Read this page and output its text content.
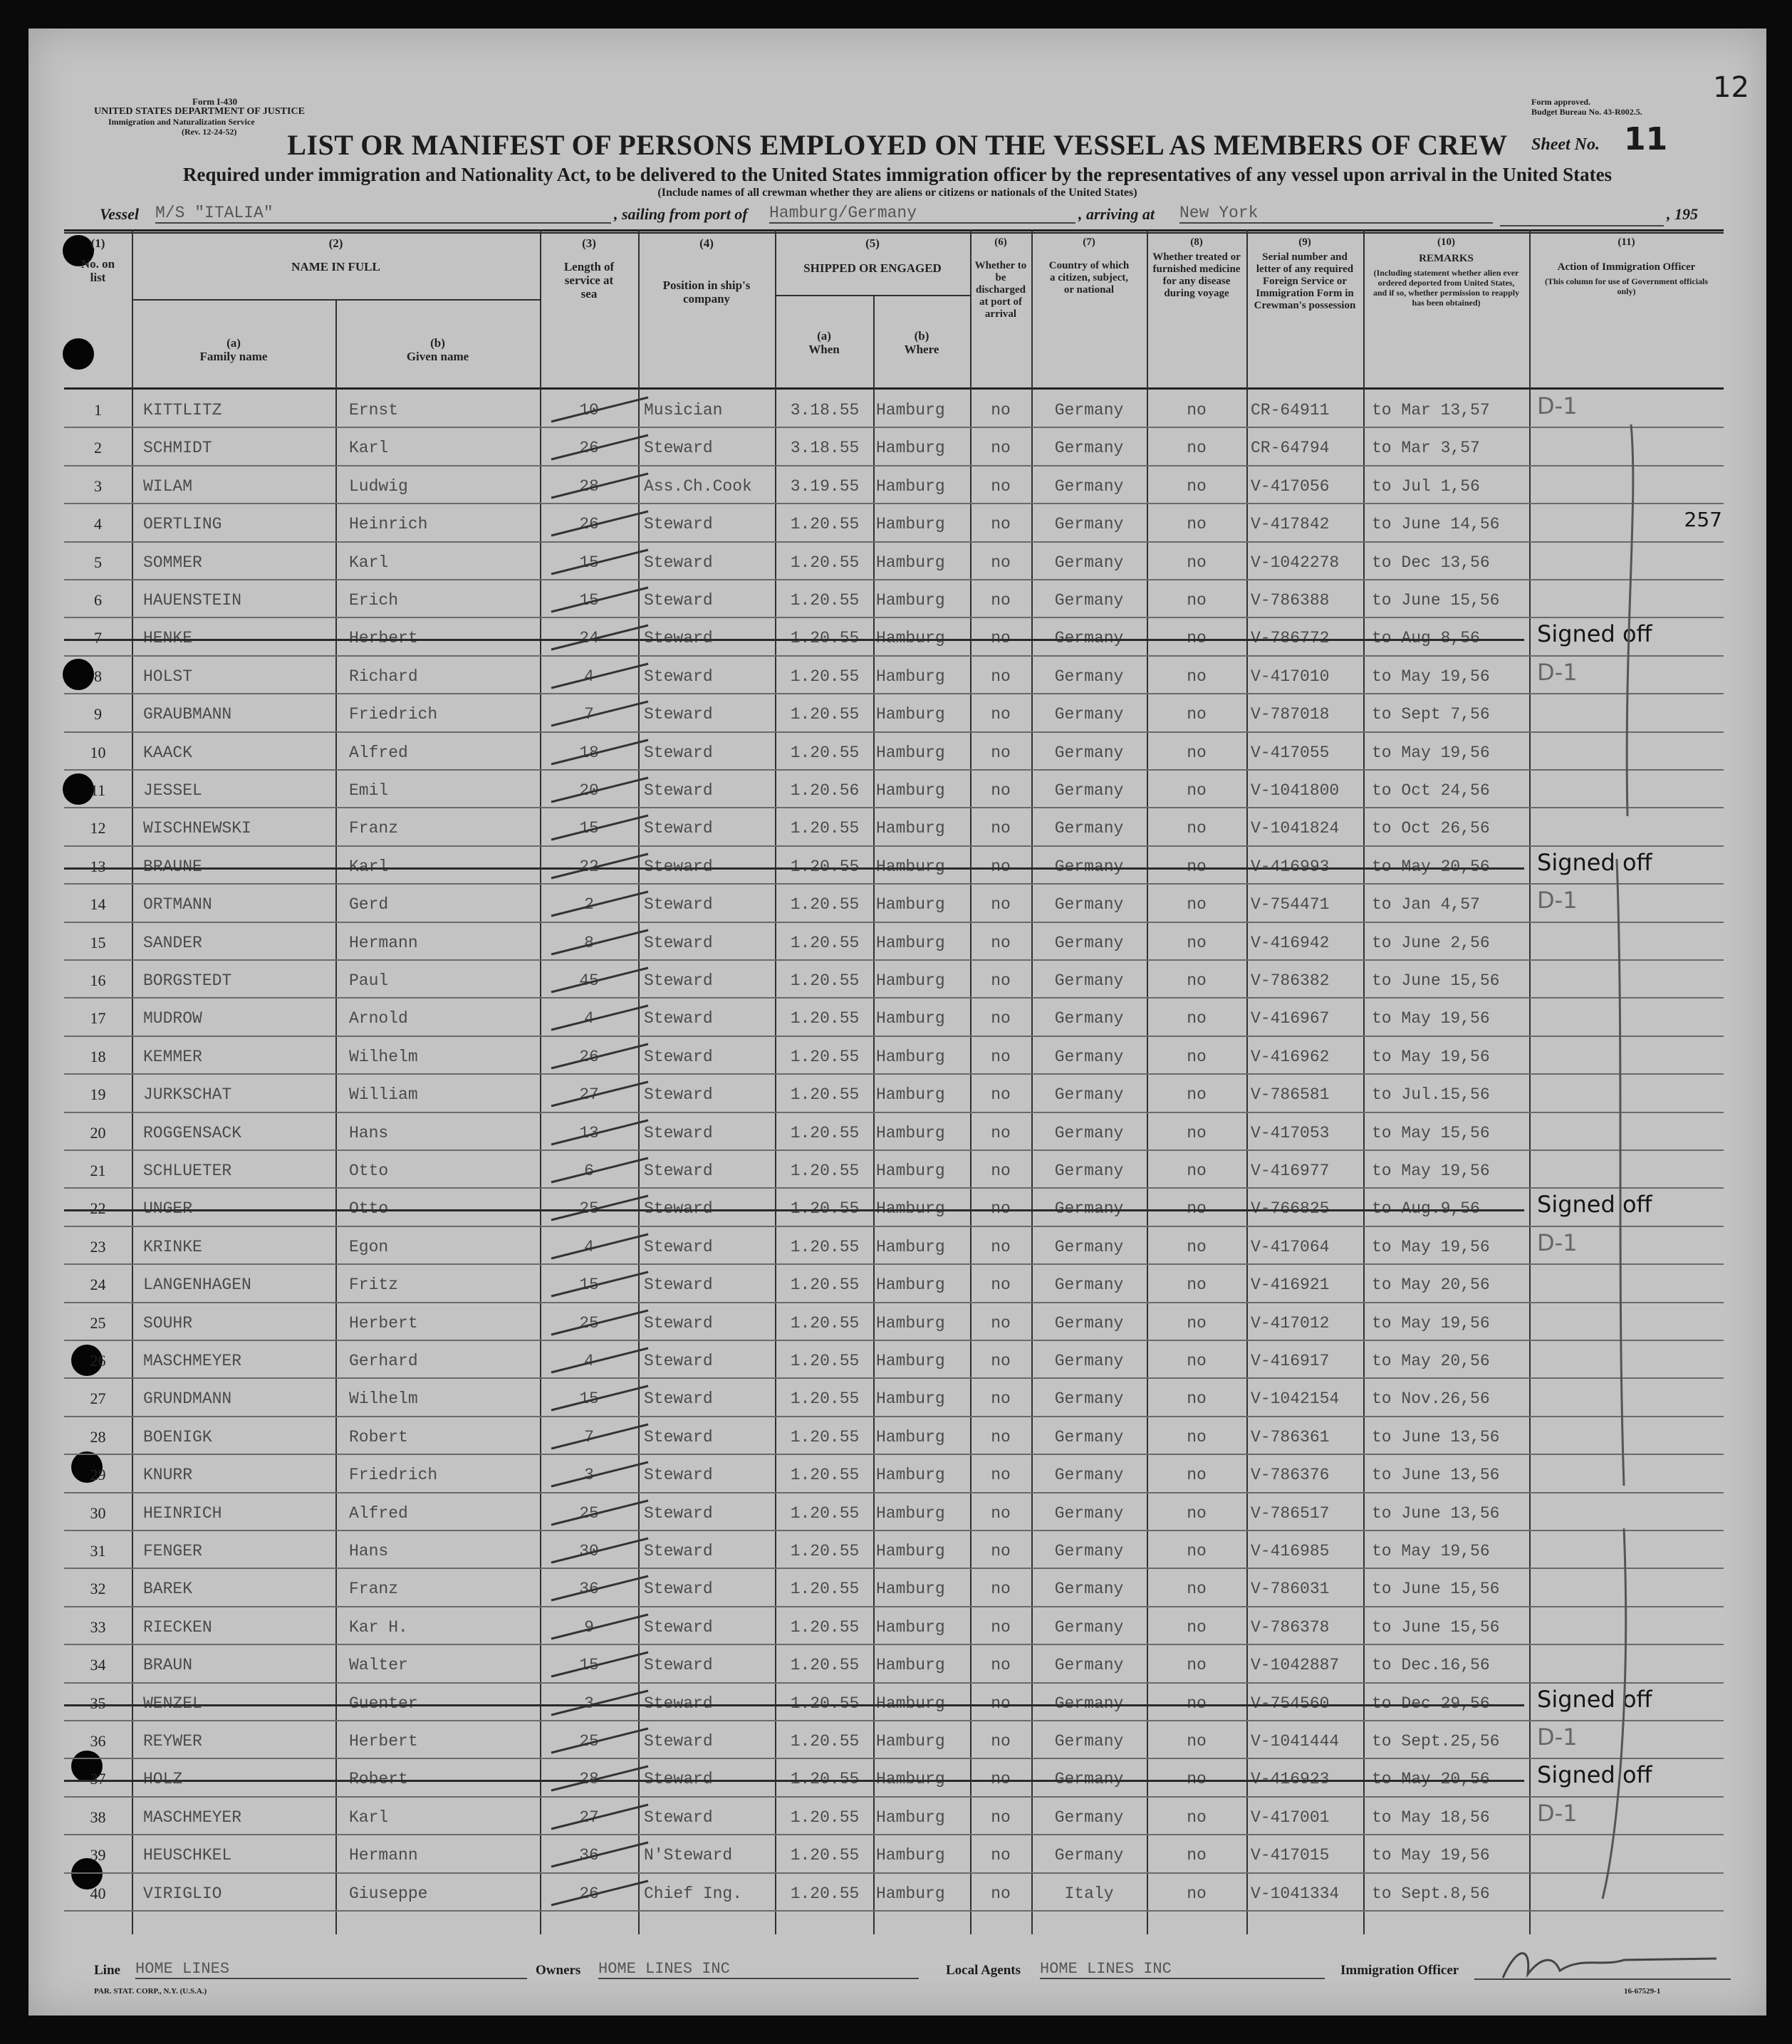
Form I-430
UNITED STATES DEPARTMENT OF JUSTICE
Immigration and Naturalization Service
(Rev. 12-24-52)
Form approved.
Budget Bureau No. 43-R002.5.
Sheet No. 11
12
LIST OR MANIFEST OF PERSONS EMPLOYED ON THE VESSEL AS MEMBERS OF CREW
Required under immigration and Nationality Act, to be delivered to the United States immigration officer by the representatives of any vessel upon arrival in the United States
(Include names of all crewman whether they are aliens or citizens or nationals of the United States)
Vessel M/S "ITALIA"	, sailing from port of Hamburg/Germany	, arriving at New York	, 195
(1)
No. on list
(2)
NAME IN FULL
(a)
Family name
(b)
Given name
(3)
Length of service at sea
(4)
Position in ship's company
(5)
SHIPPED OR ENGAGED
(a)
When
(b)
Where
(6)
Whether to be discharged at port of arrival
(7)
Country of which a citizen, subject, or national
(8)
Whether treated or furnished medicine for any disease during voyage
(9)
Serial number and letter of any required Foreign Service or Immigration Form in Crewman's possession
(10)
REMARKS
(Including statement whether alien ever ordered deported from United States, and if so, whether permission to reapply has been obtained)
(11)
Action of Immigration Officer
(This column for use of Government officials only)
1	KITTLITZ	Ernst	10	Musician	3.18.55	Hamburg	no	Germany	no	CR-64911	to Mar 13,57	D-1
2	SCHMIDT	Karl	26	Steward	3.18.55	Hamburg	no	Germany	no	CR-64794	to Mar 3,57
3	WILAM	Ludwig	28	Ass.Ch.Cook	3.19.55	Hamburg	no	Germany	no	V-417056	to Jul 1,56
4	OERTLING	Heinrich	26	Steward	1.20.55	Hamburg	no	Germany	no	V-417842	to June 14,56	257
5	SOMMER	Karl	15	Steward	1.20.55	Hamburg	no	Germany	no	V-1042278	to Dec 13,56
6	HAUENSTEIN	Erich	15	Steward	1.20.55	Hamburg	no	Germany	no	V-786388	to June 15,56
7	HENKE	Herbert	24	Steward	1.20.55	Hamburg	no	Germany	no	V-786772	to Aug 8,56	Signed off
8	HOLST	Richard	4	Steward	1.20.55	Hamburg	no	Germany	no	V-417010	to May 19,56	D-1
9	GRAUBMANN	Friedrich	7	Steward	1.20.55	Hamburg	no	Germany	no	V-787018	to Sept 7,56
10	KAACK	Alfred	18	Steward	1.20.55	Hamburg	no	Germany	no	V-417055	to May 19,56
11	JESSEL	Emil	20	Steward	1.20.56	Hamburg	no	Germany	no	V-1041800	to Oct 24,56
12	WISCHNEWSKI	Franz	15	Steward	1.20.55	Hamburg	no	Germany	no	V-1041824	to Oct 26,56
13	BRAUNE	Karl	22	Steward	1.20.55	Hamburg	no	Germany	no	V-416993	to May 20,56	Signed off
14	ORTMANN	Gerd	2	Steward	1.20.55	Hamburg	no	Germany	no	V-754471	to Jan 4,57	D-1
15	SANDER	Hermann	8	Steward	1.20.55	Hamburg	no	Germany	no	V-416942	to June 2,56
16	BORGSTEDT	Paul	45	Steward	1.20.55	Hamburg	no	Germany	no	V-786382	to June 15,56
17	MUDROW	Arnold	4	Steward	1.20.55	Hamburg	no	Germany	no	V-416967	to May 19,56
18	KEMMER	Wilhelm	26	Steward	1.20.55	Hamburg	no	Germany	no	V-416962	to May 19,56
19	JURKSCHAT	William	27	Steward	1.20.55	Hamburg	no	Germany	no	V-786581	to Jul.15,56
20	ROGGENSACK	Hans	13	Steward	1.20.55	Hamburg	no	Germany	no	V-417053	to May 15,56
21	SCHLUETER	Otto	6	Steward	1.20.55	Hamburg	no	Germany	no	V-416977	to May 19,56
22	UNGER	Otto	25	Steward	1.20.55	Hamburg	no	Germany	no	V-766825	to Aug.9,56	Signed off
23	KRINKE	Egon	4	Steward	1.20.55	Hamburg	no	Germany	no	V-417064	to May 19,56	D-1
24	LANGENHAGEN	Fritz	15	Steward	1.20.55	Hamburg	no	Germany	no	V-416921	to May 20,56
25	SOUHR	Herbert	25	Steward	1.20.55	Hamburg	no	Germany	no	V-417012	to May 19,56
26	MASCHMEYER	Gerhard	4	Steward	1.20.55	Hamburg	no	Germany	no	V-416917	to May 20,56
27	GRUNDMANN	Wilhelm	15	Steward	1.20.55	Hamburg	no	Germany	no	V-1042154	to Nov.26,56
28	BOENIGK	Robert	7	Steward	1.20.55	Hamburg	no	Germany	no	V-786361	to June 13,56
29	KNURR	Friedrich	3	Steward	1.20.55	Hamburg	no	Germany	no	V-786376	to June 13,56
30	HEINRICH	Alfred	25	Steward	1.20.55	Hamburg	no	Germany	no	V-786517	to June 13,56
31	FENGER	Hans	30	Steward	1.20.55	Hamburg	no	Germany	no	V-416985	to May 19,56
32	BAREK	Franz	36	Steward	1.20.55	Hamburg	no	Germany	no	V-786031	to June 15,56
33	RIECKEN	Kar H.	9	Steward	1.20.55	Hamburg	no	Germany	no	V-786378	to June 15,56
34	BRAUN	Walter	15	Steward	1.20.55	Hamburg	no	Germany	no	V-1042887	to Dec.16,56
35	WENZEL	Guenter	3	Steward	1.20.55	Hamburg	no	Germany	no	V-754560	to Dec 29,56	Signed off
36	REYWER	Herbert	25	Steward	1.20.55	Hamburg	no	Germany	no	V-1041444	to Sept.25,56	D-1
37	HOLZ	Robert	28	Steward	1.20.55	Hamburg	no	Germany	no	V-416923	to May 20,56	Signed off
38	MASCHMEYER	Karl	27	Steward	1.20.55	Hamburg	no	Germany	no	V-417001	to May 18,56	D-1
39	HEUSCHKEL	Hermann	36	N'Steward	1.20.55	Hamburg	no	Germany	no	V-417015	to May 19,56
40	VIRIGLIO	Giuseppe	26	Chief Ing.	1.20.55	Hamburg	no	Italy	no	V-1041334	to Sept.8,56
Line HOME LINES	Owners HOME LINES INC	Local Agents HOME LINES INC	Immigration Officer
PAR. STAT. CORP., N.Y. (U.S.A.)	16-67529-1
